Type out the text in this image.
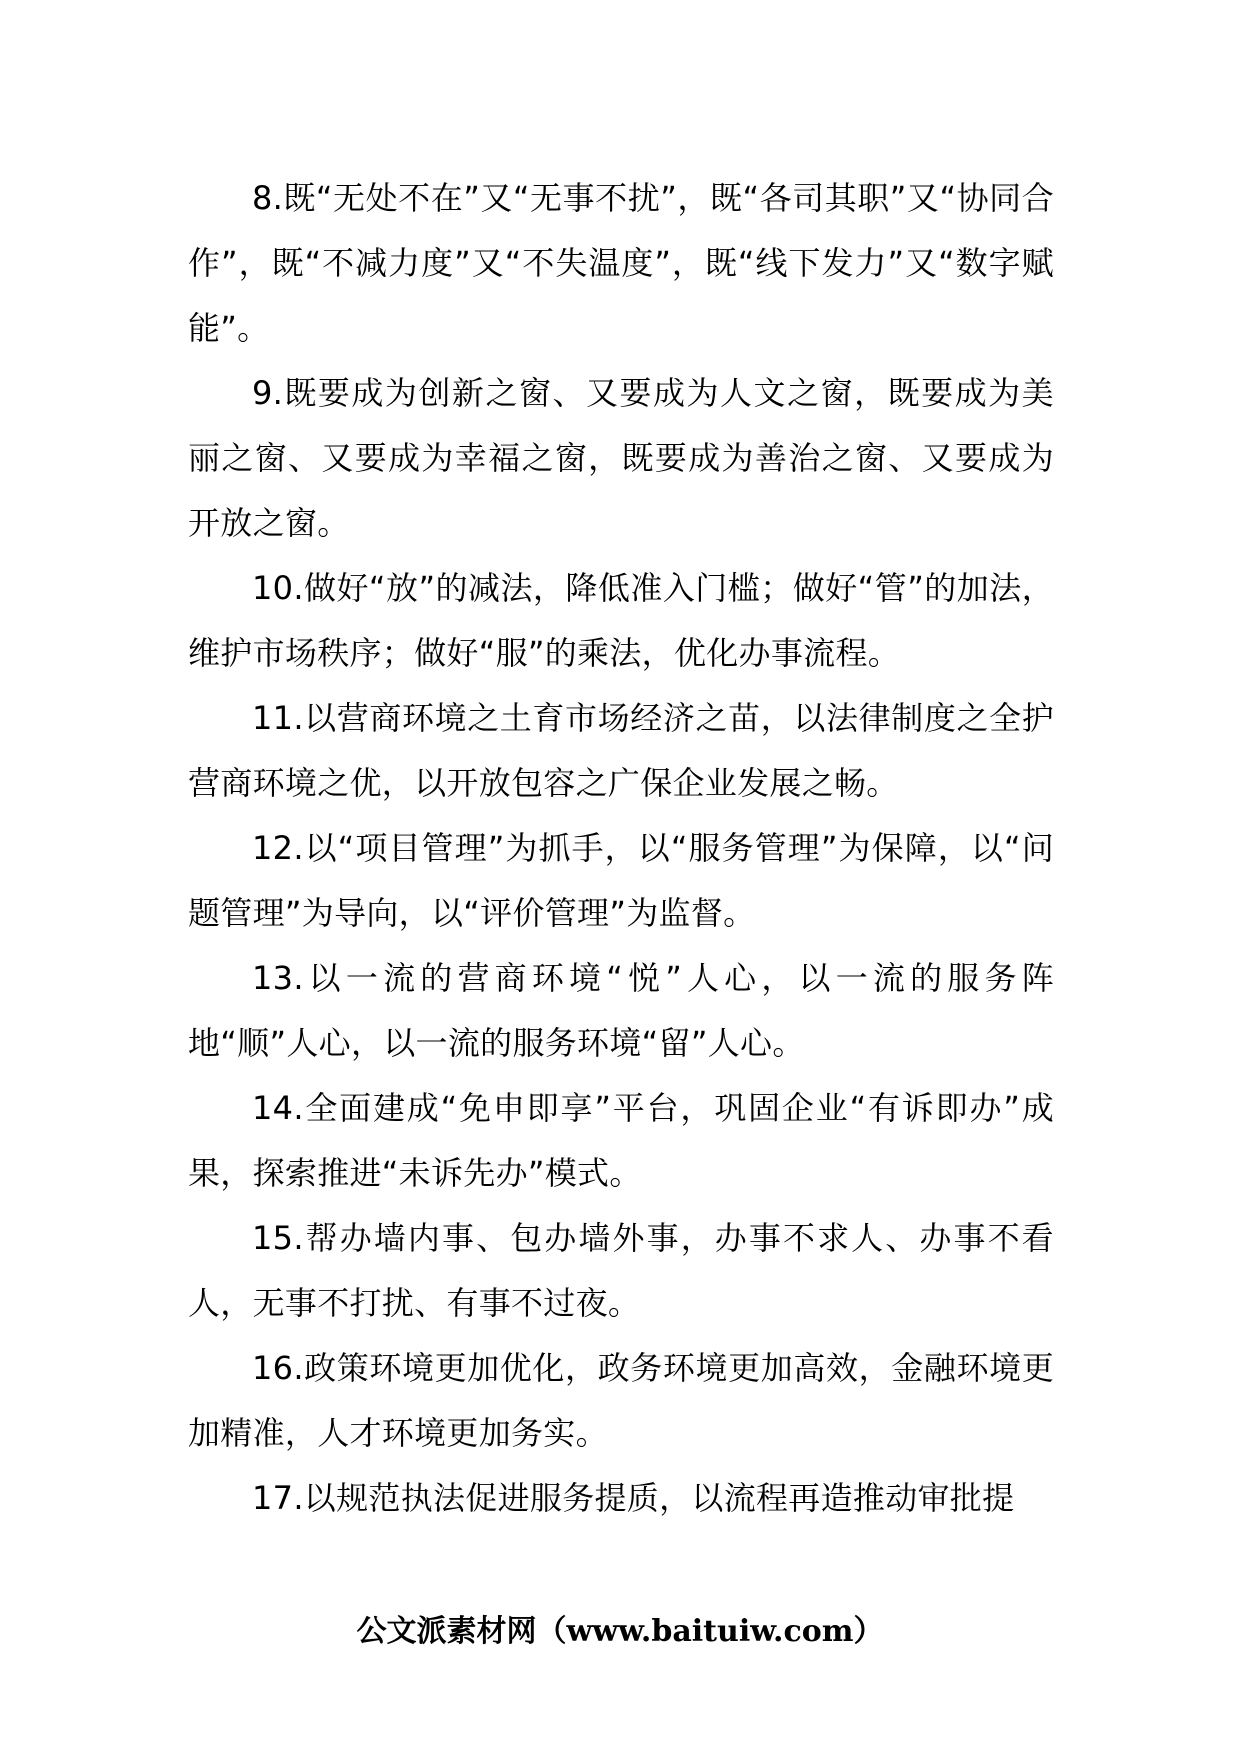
8.既“无处不在”又“无事不扰”，既“各司其职”又“协同合作”，既“不减力度”又“不失温度”，既“线下发力”又“数字赋能”。

9.既要成为创新之窗、又要成为人文之窗，既要成为美丽之窗、又要成为幸福之窗，既要成为善治之窗、又要成为开放之窗。

10.做好“放”的减法，降低准入门槛；做好“管”的加法，维护市场秩序；做好“服”的乘法，优化办事流程。

11.以营商环境之土育市场经济之苗，以法律制度之全护营商环境之优，以开放包容之广保企业发展之畅。

12.以“项目管理”为抓手，以“服务管理”为保障，以“问题管理”为导向，以“评价管理”为监督。

13.以一流的营商环境“悦”人心，以一流的服务阵地“顺”人心，以一流的服务环境“留”人心。

14.全面建成“免申即享”平台，巩固企业“有诉即办”成果，探索推进“未诉先办”模式。

15.帮办墙内事、包办墙外事，办事不求人、办事不看人，无事不打扰、有事不过夜。

16.政策环境更加优化，政务环境更加高效，金融环境更加精准，人才环境更加务实。

17.以规范执法促进服务提质，以流程再造推动审批提

公文派素材网（www.baituiw.com）
